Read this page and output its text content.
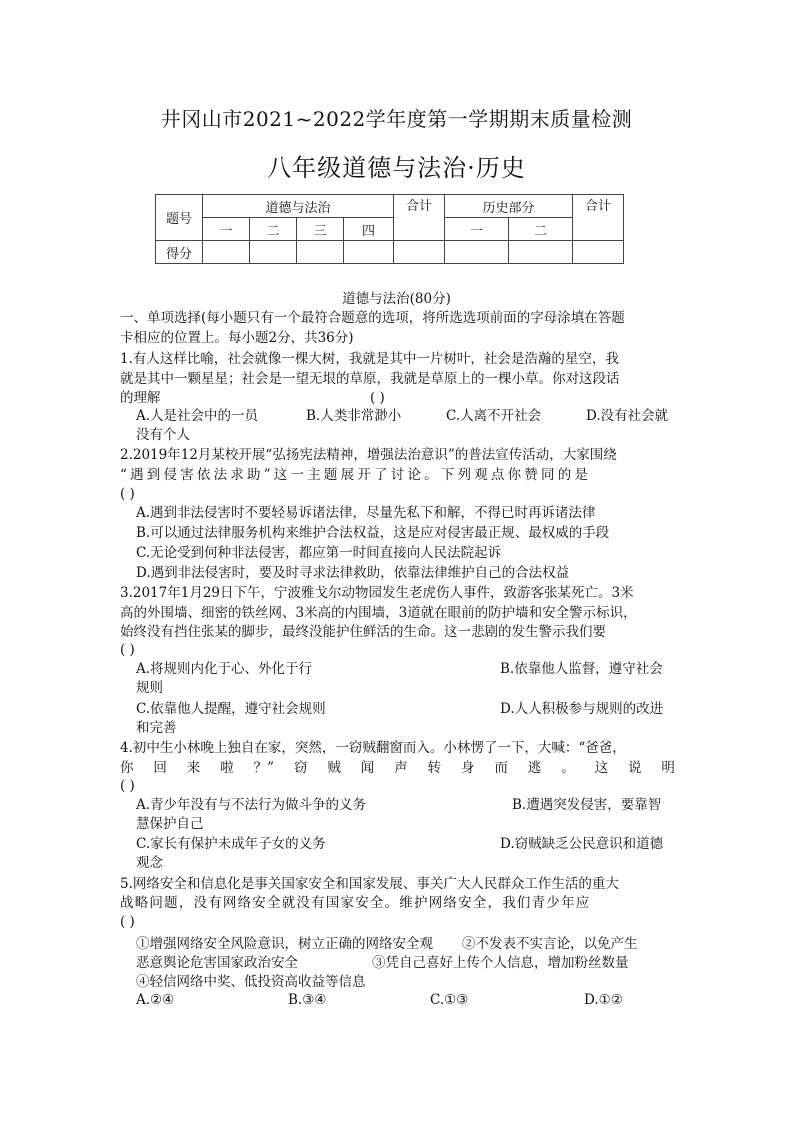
井冈山市2021~2022学年度第一学期期末质量检测
八年级道德与法治·历史
题号	道德与法治				合计	历史部分		合计
	一	二	三	四		一	二	
得分								
道德与法治(80分)
一、单项选择(每小题只有一个最符合题意的选项，将所选选项前面的字母涂填在答题
卡相应的位置上。每小题2分，共36分)
1.有人这样比喻，社会就像一棵大树，我就是其中一片树叶，社会是浩瀚的星空，我
就是其中一颗星星；社会是一望无垠的草原，我就是草原上的一棵小草。你对这段话
的理解	( )
A.人是社会中的一员	B.人类非常渺小	C.人离不开社会	D.没有社会就
没有个人
2.2019年12月某校开展“弘扬宪法精神，增强法治意识”的普法宣传活动，大家围绕
“遇到侵害依法求助”这一主题展开了讨论。下列观点你赞同的是
( )
A.遇到非法侵害时不要轻易诉诸法律，尽量先私下和解，不得已时再诉诸法律
B.可以通过法律服务机构来维护合法权益，这是应对侵害最正规、最权威的手段
C.无论受到何种非法侵害，都应第一时间直接向人民法院起诉
D.遇到非法侵害时，要及时寻求法律救助，依靠法律维护自己的合法权益
3.2017年1月29日下午，宁波雅戈尔动物园发生老虎伤人事件，致游客张某死亡。3米
高的外围墙、细密的铁丝网、3米高的内围墙，3道就在眼前的防护墙和安全警示标识，
始终没有挡住张某的脚步，最终没能护住鲜活的生命。这一悲剧的发生警示我们要
( )
A.将规则内化于心、外化于行	B.依靠他人监督，遵守社会
规则
C.依靠他人提醒，遵守社会规则	D.人人积极参与规则的改进
和完善
4.初中生小林晚上独自在家，突然，一窃贼翻窗而入。小林愣了一下，大喊：“爸爸，
你 回 来 啦 ？” 窃 贼 闻 声 转 身 而 逃 。 这 说 明
( )
A.青少年没有与不法行为做斗争的义务	B.遭遇突发侵害，要靠智
慧保护自己
C.家长有保护未成年子女的义务	D.窃贼缺乏公民意识和道德
观念
5.网络安全和信息化是事关国家安全和国家发展、事关广大人民群众工作生活的重大
战略问题，没有网络安全就没有国家安全。维护网络安全，我们青少年应
( )
①增强网络安全风险意识，树立正确的网络安全观 ②不发表不实言论，以免产生
恶意舆论危害国家政治安全	③凭自己喜好上传个人信息，增加粉丝数量
④轻信网络中奖、低投资高收益等信息
A.②④	B.③④	C.①③	D.①②
